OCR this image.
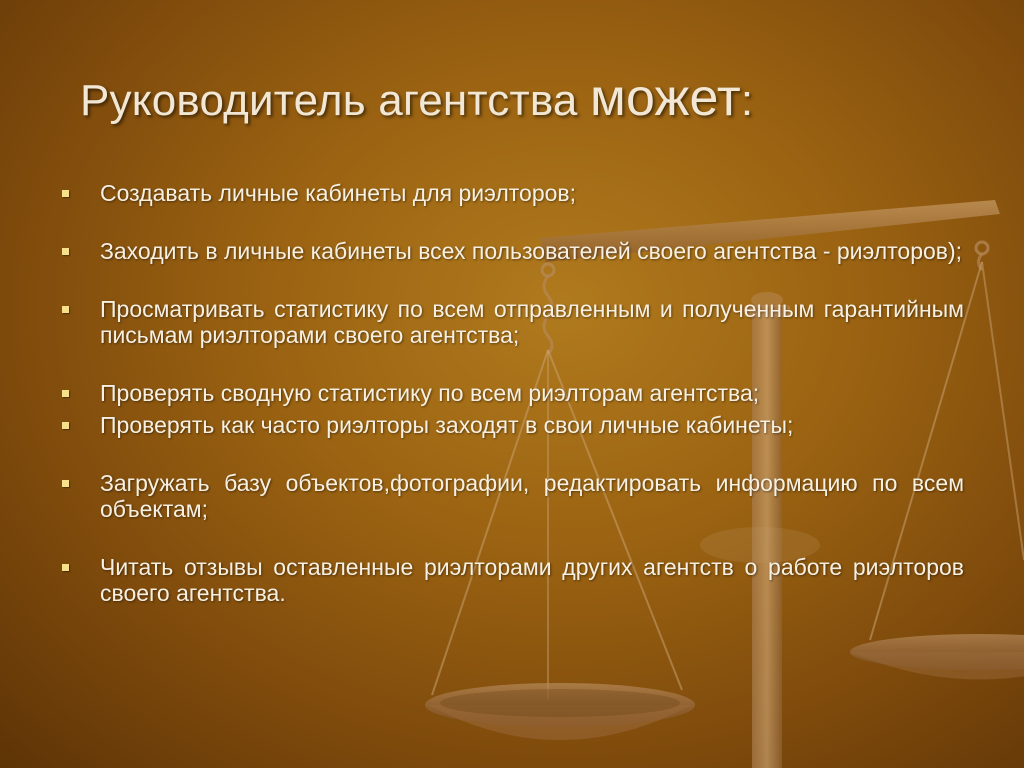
Руководитель агентства может:
Создавать личные кабинеты для риэлторов;
Заходить в личные кабинеты всех пользователей своего агентства - риэлторов);
Просматривать статистику по всем отправленным и полученным гарантийным письмам риэлторами своего агентства;
Проверять сводную статистику по всем риэлторам агентства;
Проверять как часто риэлторы заходят в свои личные кабинеты;
Загружать базу объектов,фотографии, редактировать информацию по всем объектам;
Читать отзывы оставленные риэлторами других агентств о работе риэлторов своего агентства.
